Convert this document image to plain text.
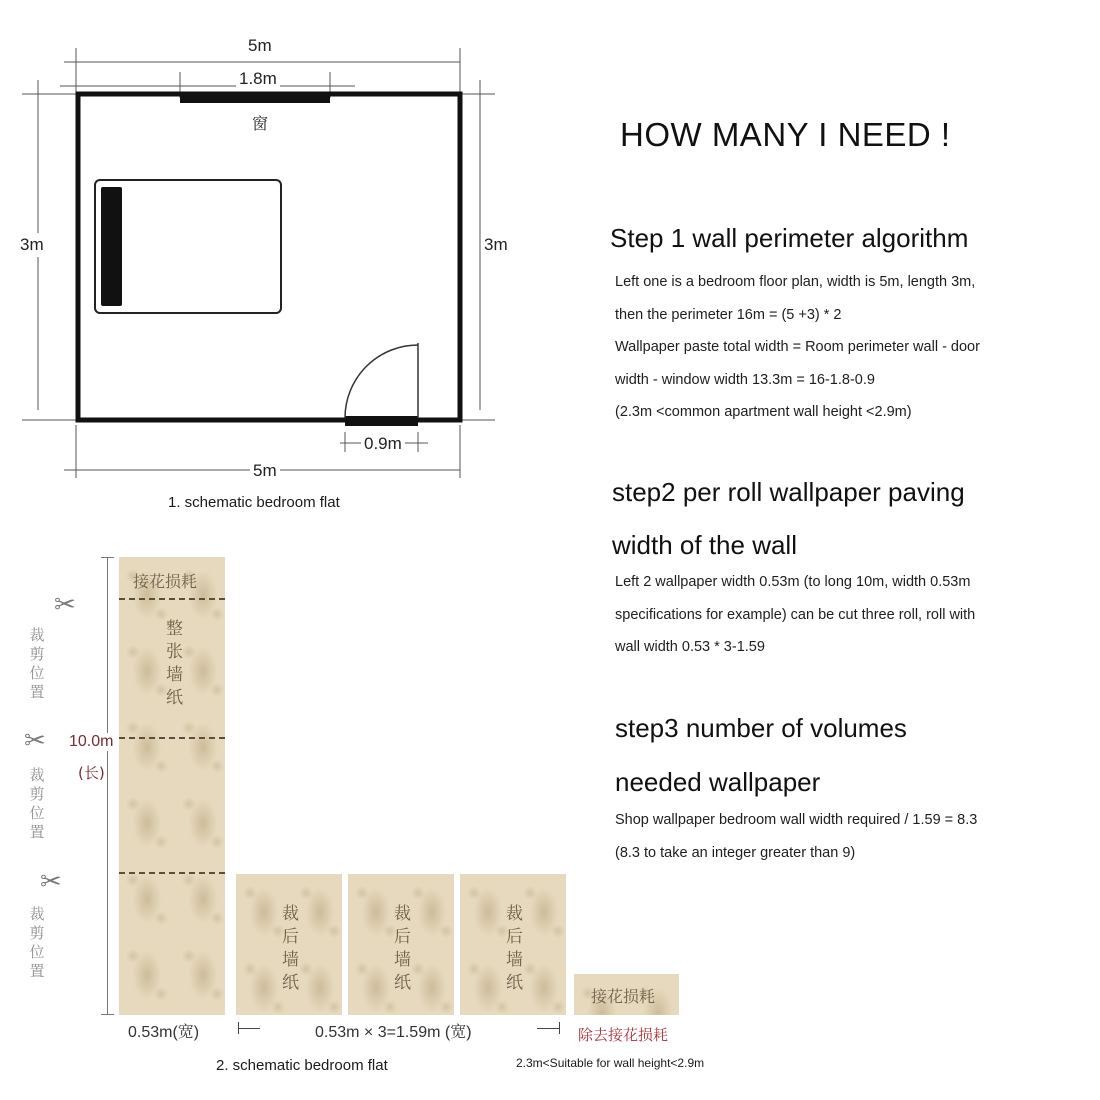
5m
1.8m
窗
3m	3m
0.9m
5m
1. schematic bedroom flat
HOW MANY I NEED !
Step 1 wall perimeter algorithm
Left one is a bedroom floor plan, width is 5m, length 3m,
then the perimeter 16m = (5 +3) * 2
Wallpaper paste total width = Room perimeter wall - door
width - window width 13.3m = 16-1.8-0.9
(2.3m <common apartment wall height <2.9m)
step2 per roll wallpaper paving
width of the wall
Left 2 wallpaper width 0.53m (to long 10m, width 0.53m
specifications for example) can be cut three roll, roll with
wall width 0.53 * 3-1.59
step3 number of volumes
needed wallpaper
Shop wallpaper bedroom wall width required / 1.59 = 8.3
(8.3 to take an integer greater than 9)
接花损耗
整张墙纸
10.0m
(长)
✂
裁剪位置
✂
裁剪位置
✂
裁剪位置
0.53m(宽)
裁后墙纸	裁后墙纸	裁后墙纸
接花损耗
0.53m × 3=1.59m (宽)	除去接花损耗
2. schematic bedroom flat	2.3m<Suitable for wall height<2.9m
